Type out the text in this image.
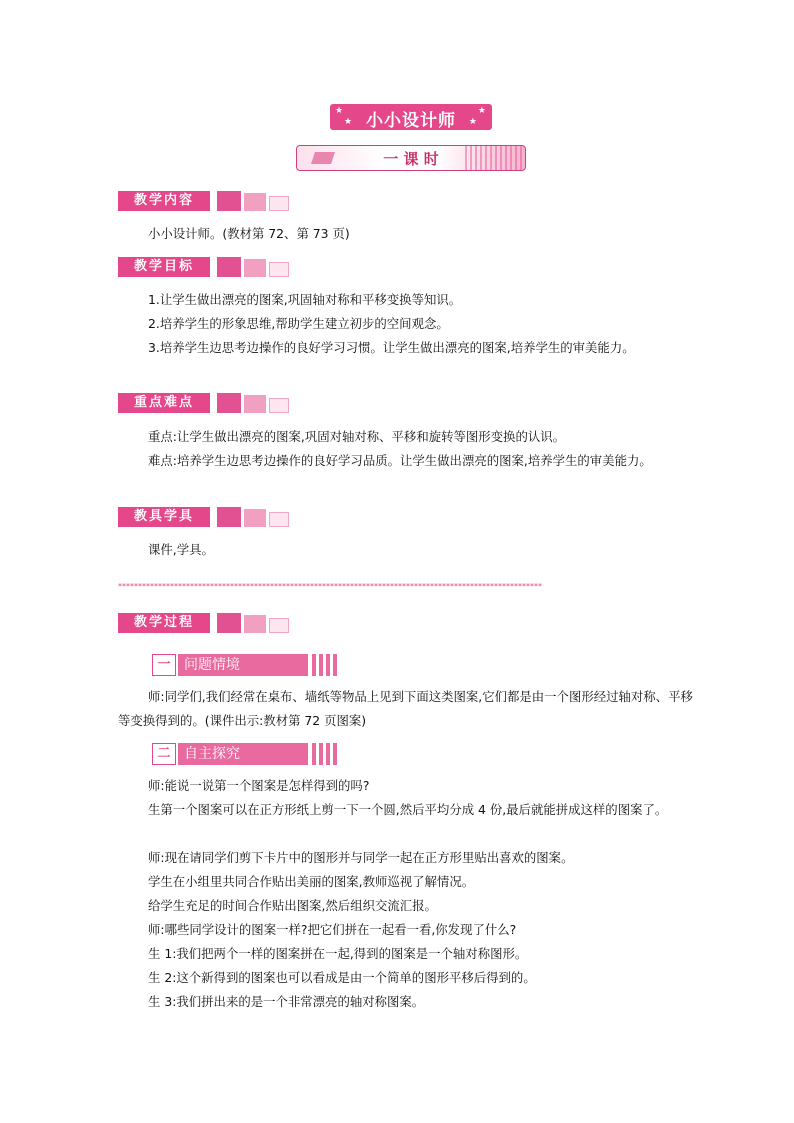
★
★
★
★
小小设计师
一 课 时
教学内容
小小设计师。(教材第 72、第 73 页)
教学目标
1.让学生做出漂亮的图案,巩固轴对称和平移变换等知识。
2.培养学生的形象思维,帮助学生建立初步的空间观念。
3.培养学生边思考边操作的良好学习习惯。让学生做出漂亮的图案,培养学生的审美能力。
重点难点
重点:让学生做出漂亮的图案,巩固对轴对称、平移和旋转等图形变换的认识。
难点:培养学生边思考边操作的良好学习品质。让学生做出漂亮的图案,培养学生的审美能力。
教具学具
课件,学具。
**********************************************************************************************************
教学过程
一 问题情境
师:同学们,我们经常在桌布、墙纸等物品上见到下面这类图案,它们都是由一个图形经过轴对称、平移等变换得到的。(课件出示:教材第 72 页图案)
二 自主探究
师:能说一说第一个图案是怎样得到的吗?
生第一个图案可以在正方形纸上剪一下一个圆,然后平均分成 4 份,最后就能拼成这样的图案了。
师:现在请同学们剪下卡片中的图形并与同学一起在正方形里贴出喜欢的图案。
学生在小组里共同合作贴出美丽的图案,教师巡视了解情况。
给学生充足的时间合作贴出图案,然后组织交流汇报。
师:哪些同学设计的图案一样?把它们拼在一起看一看,你发现了什么?
生 1:我们把两个一样的图案拼在一起,得到的图案是一个轴对称图形。
生 2:这个新得到的图案也可以看成是由一个简单的图形平移后得到的。
生 3:我们拼出来的是一个非常漂亮的轴对称图案。
